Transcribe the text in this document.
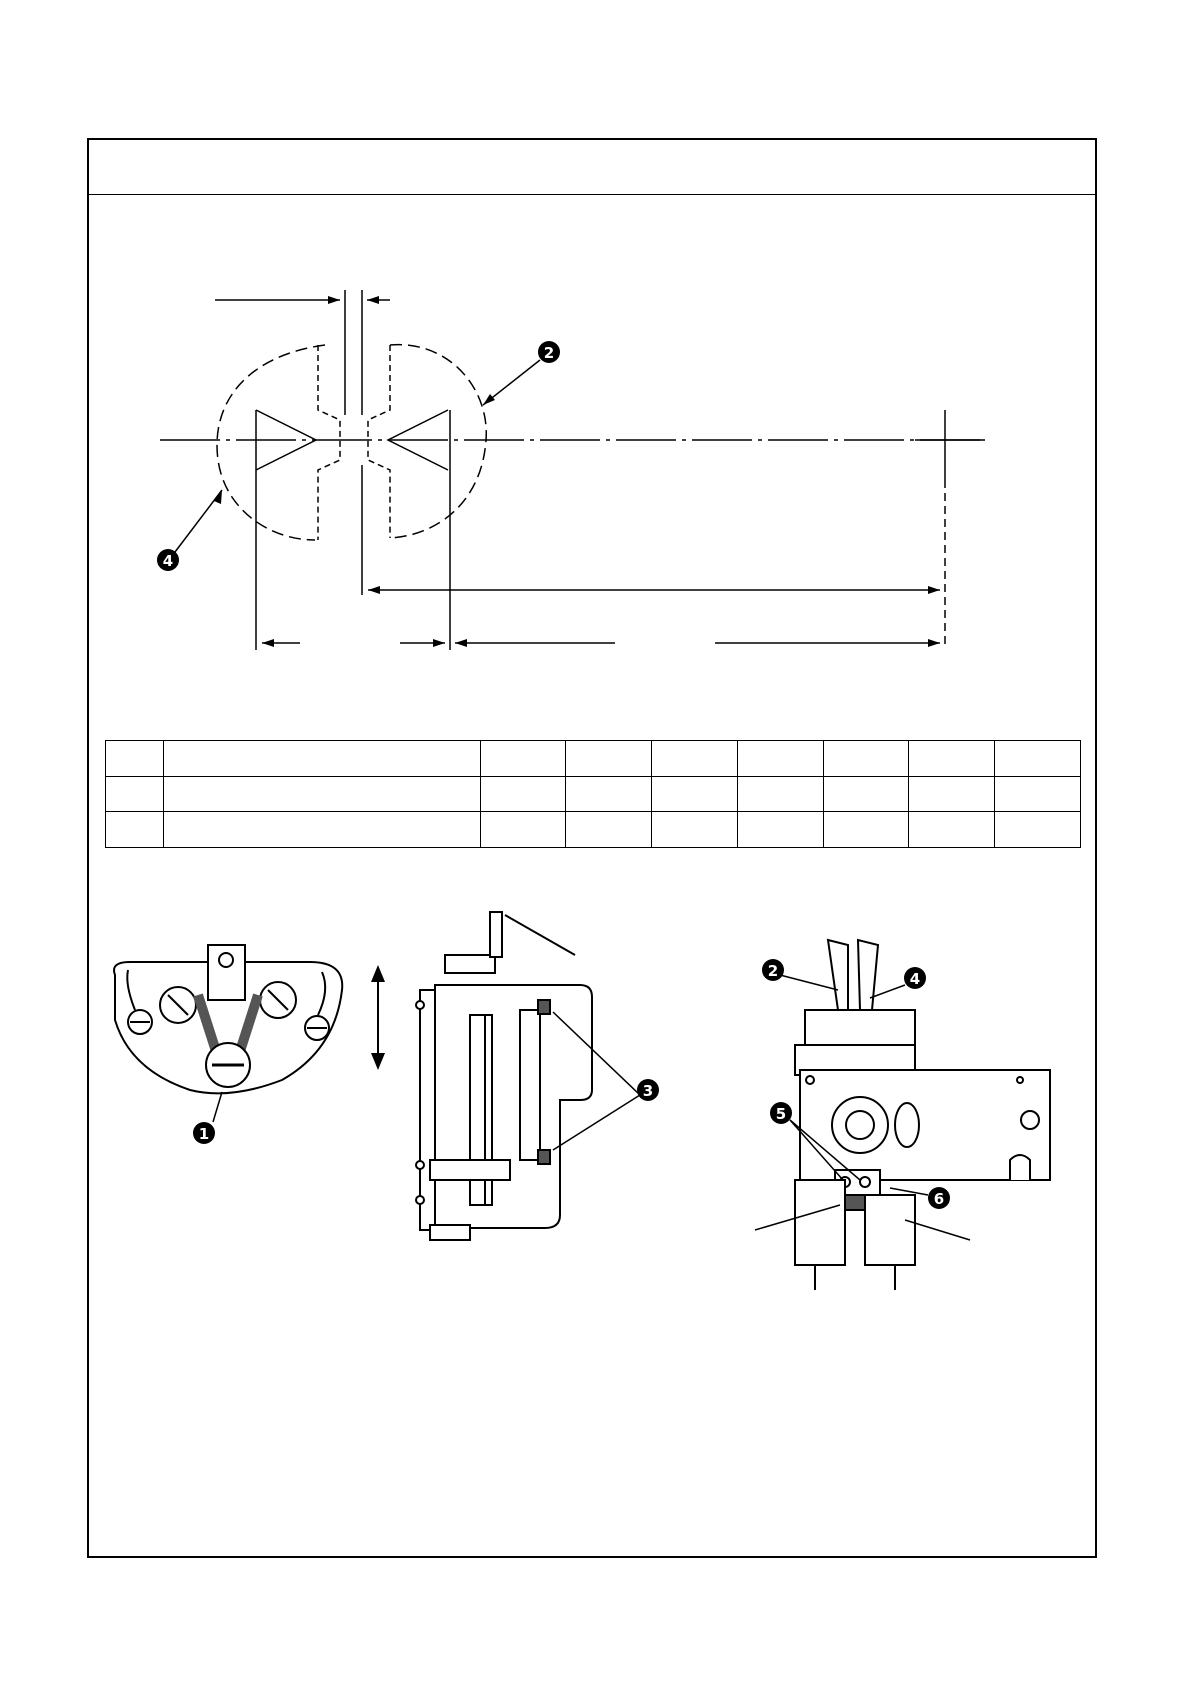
2
4

1
3
2	4
5
6
